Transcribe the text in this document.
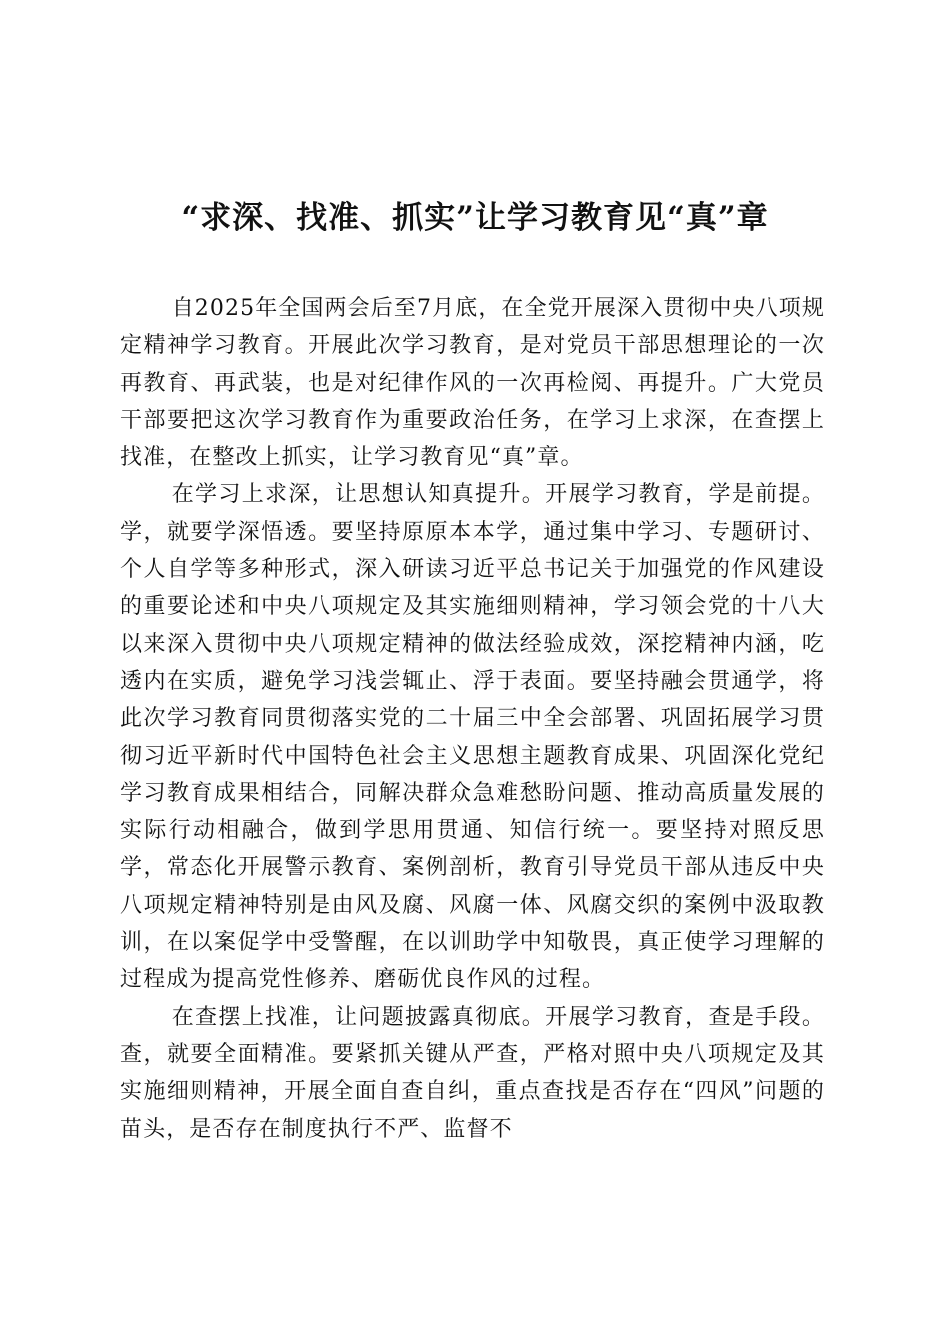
“求深、找准、抓实”让学习教育见“真”章

自2025年全国两会后至7月底，在全党开展深入贯彻中央八项规定精神学习教育。开展此次学习教育，是对党员干部思想理论的一次再教育、再武装，也是对纪律作风的一次再检阅、再提升。广大党员干部要把这次学习教育作为重要政治任务，在学习上求深，在查摆上找准，在整改上抓实，让学习教育见“真”章。

在学习上求深，让思想认知真提升。开展学习教育，学是前提。学，就要学深悟透。要坚持原原本本学，通过集中学习、专题研讨、个人自学等多种形式，深入研读习近平总书记关于加强党的作风建设的重要论述和中央八项规定及其实施细则精神，学习领会党的十八大以来深入贯彻中央八项规定精神的做法经验成效，深挖精神内涵，吃透内在实质，避免学习浅尝辄止、浮于表面。要坚持融会贯通学，将此次学习教育同贯彻落实党的二十届三中全会部署、巩固拓展学习贯彻习近平新时代中国特色社会主义思想主题教育成果、巩固深化党纪学习教育成果相结合，同解决群众急难愁盼问题、推动高质量发展的实际行动相融合，做到学思用贯通、知信行统一。要坚持对照反思学，常态化开展警示教育、案例剖析，教育引导党员干部从违反中央八项规定精神特别是由风及腐、风腐一体、风腐交织的案例中汲取教训，在以案促学中受警醒，在以训助学中知敬畏，真正使学习理解的过程成为提高党性修养、磨砺优良作风的过程。

在查摆上找准，让问题披露真彻底。开展学习教育，查是手段。查，就要全面精准。要紧抓关键从严查，严格对照中央八项规定及其实施细则精神，开展全面自查自纠，重点查找是否存在“四风”问题的苗头，是否存在制度执行不严、监督不
